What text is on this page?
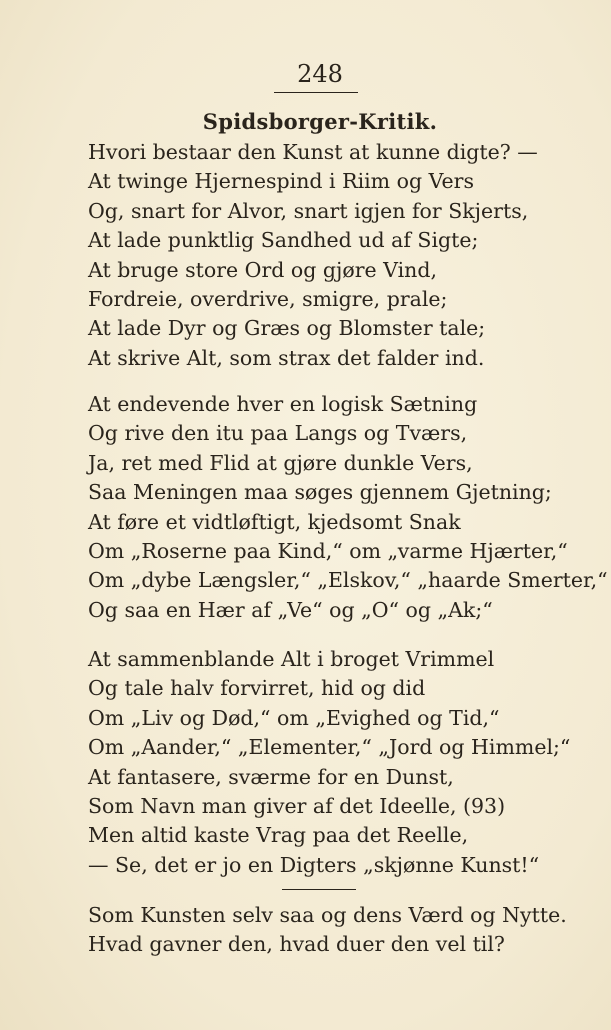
248
Spidsborger-Kritik.
Hvori bestaar den Kunst at kunne digte? —
At twinge Hjernespind i Riim og Vers
Og, snart for Alvor, snart igjen for Skjerts,
At lade punktlig Sandhed ud af Sigte;
At bruge store Ord og gjøre Vind,
Fordreie, overdrive, smigre, prale;
At lade Dyr og Græs og Blomster tale;
At skrive Alt, som strax det falder ind.
At endevende hver en logisk Sætning
Og rive den itu paa Langs og Tværs,
Ja, ret med Flid at gjøre dunkle Vers,
Saa Meningen maa søges gjennem Gjetning;
At føre et vidtløftigt, kjedsomt Snak
Om „Roserne paa Kind,“ om „varme Hjærter,“
Om „dybe Længsler,“ „Elskov,“ „haarde Smerter,“
Og saa en Hær af „Ve“ og „O“ og „Ak;“
At sammenblande Alt i broget Vrimmel
Og tale halv forvirret, hid og did
Om „Liv og Død,“ om „Evighed og Tid,“
Om „Aander,“ „Elementer,“ „Jord og Himmel;“
At fantasere, sværme for en Dunst,
Som Navn man giver af det Ideelle, (93)
Men altid kaste Vrag paa det Reelle,
— Se, det er jo en Digters „skjønne Kunst!“
Som Kunsten selv saa og dens Værd og Nytte.
Hvad gavner den, hvad duer den vel til?
